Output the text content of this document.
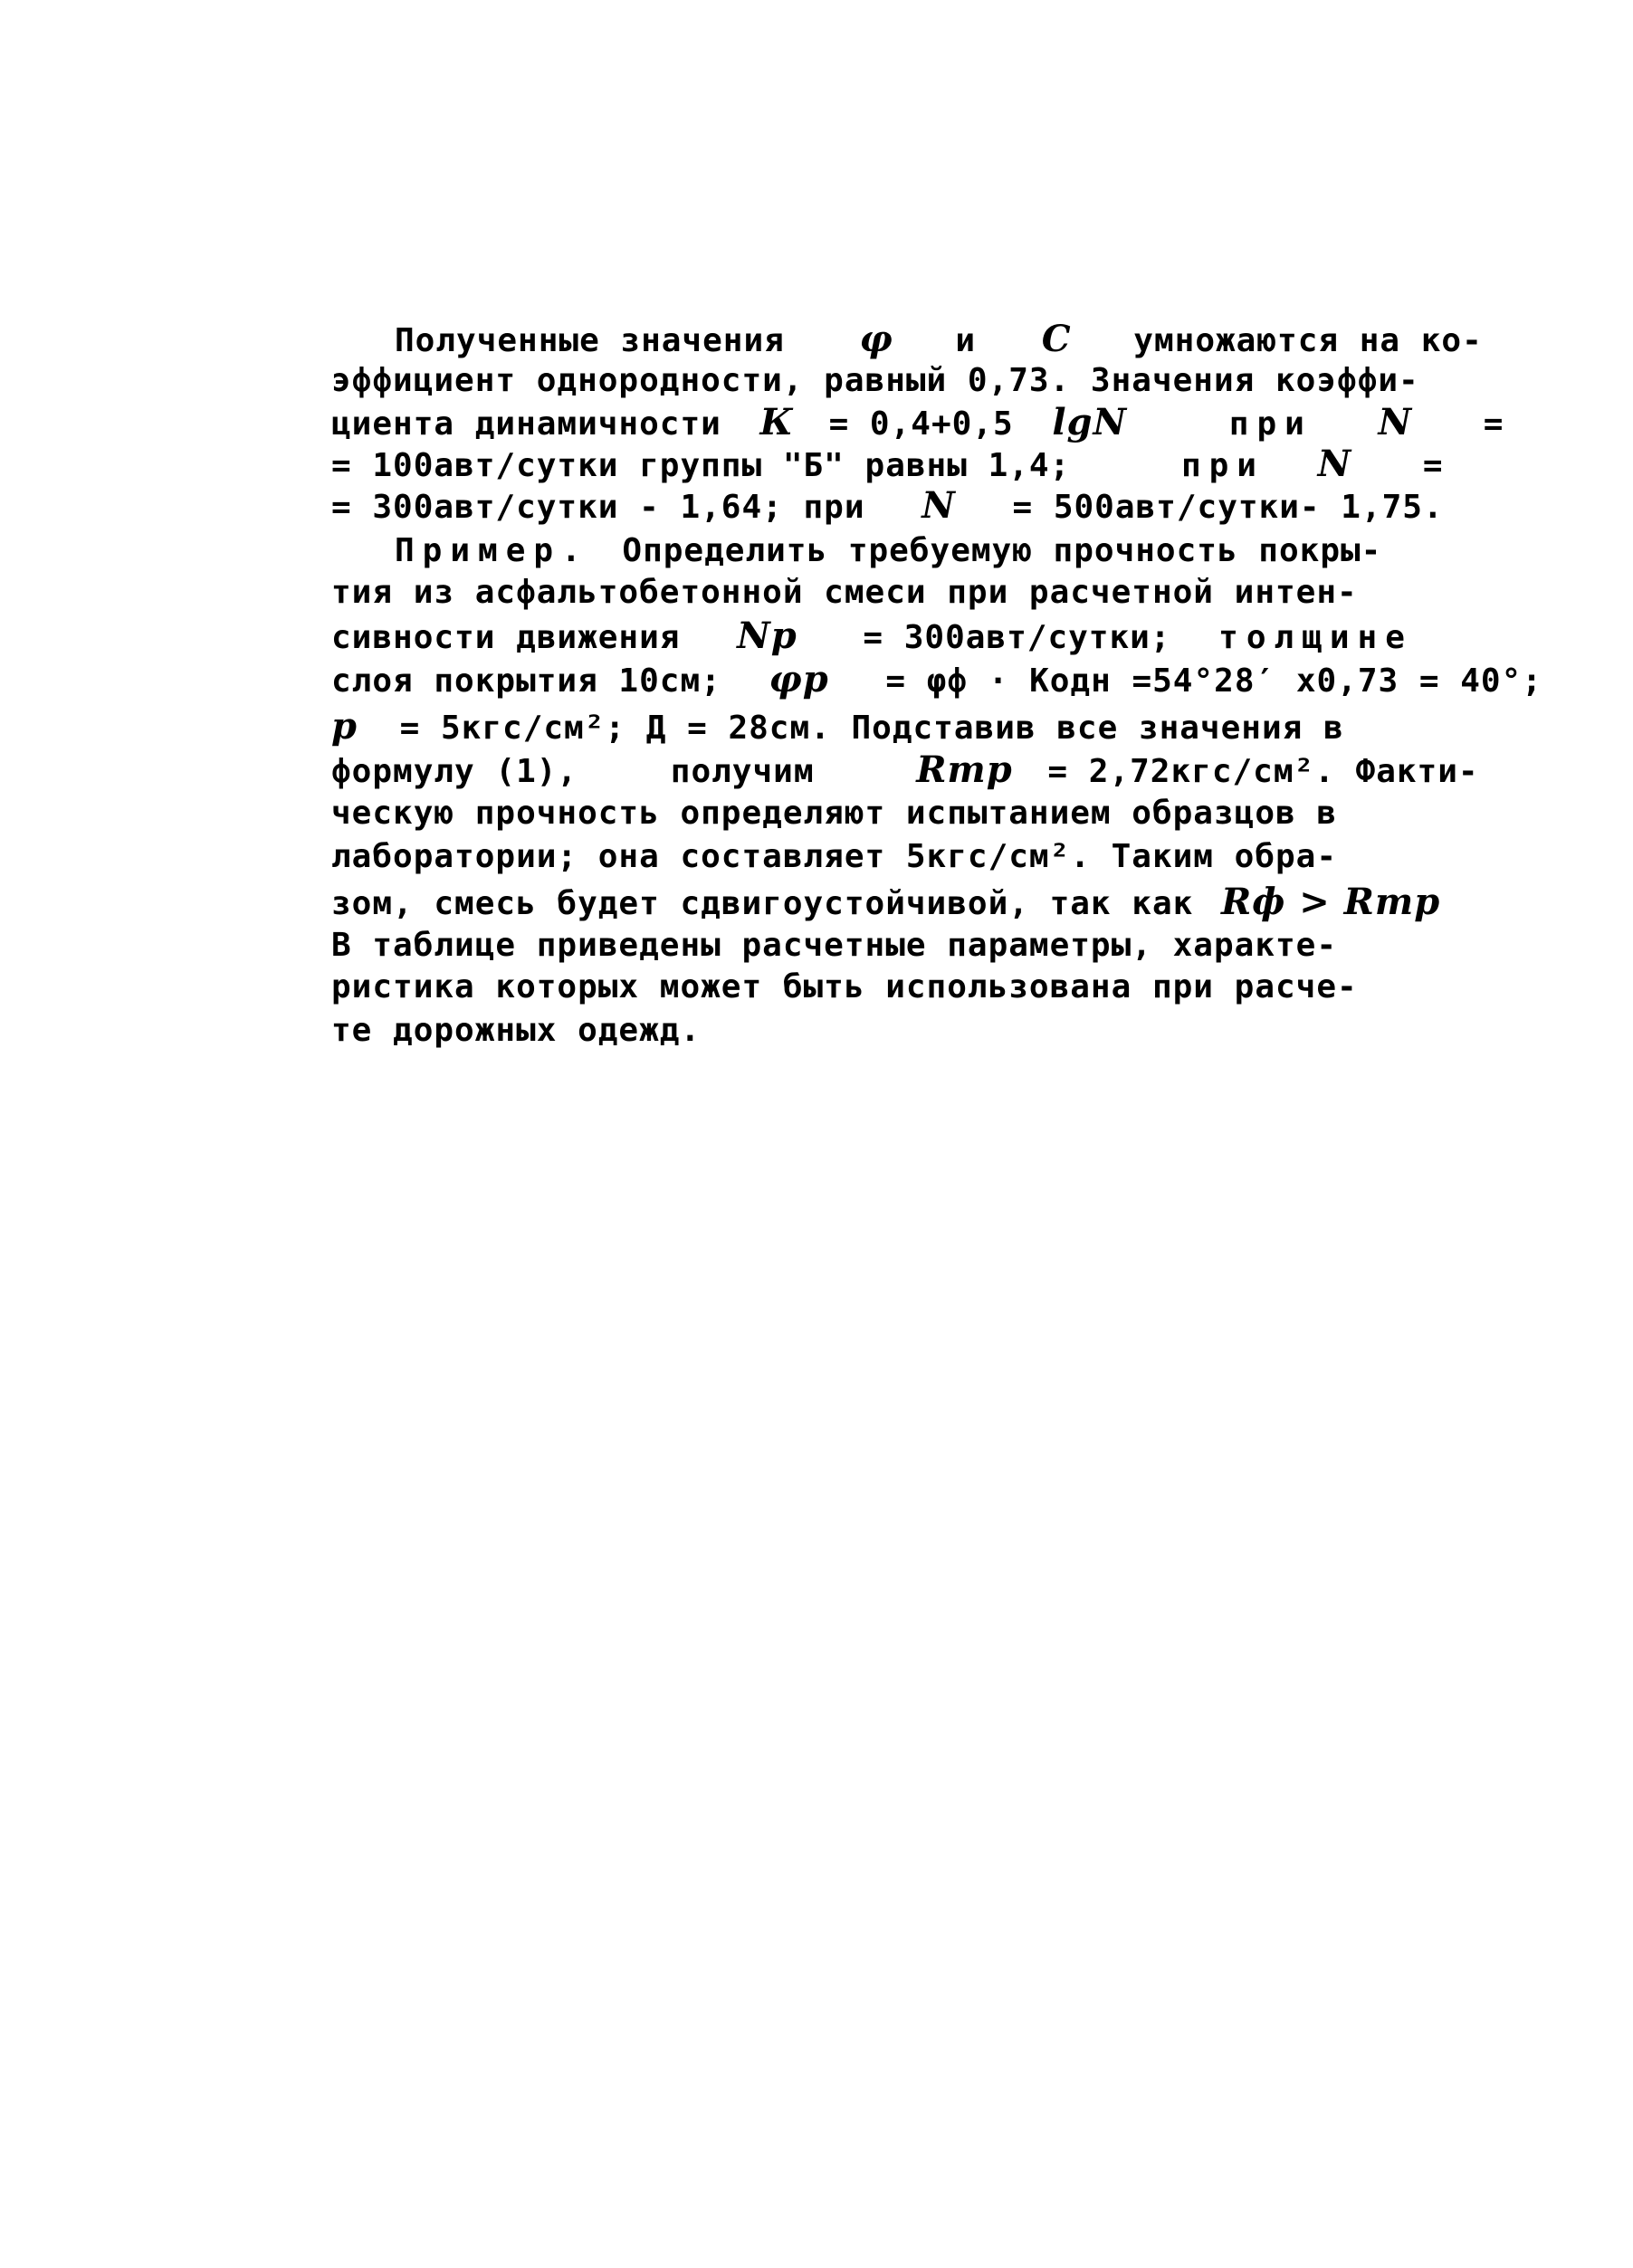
Полученные значения φ и С умножаются на ко-
эффициент однородности, равный 0,73. Значения коэффи-
циента динамичности К = 0,4+0,5 lgN	при N =
= 100авт/сутки группы "Б" равны 1,4;	при N =
= 300авт/сутки - 1,64; при N = 500авт/сутки- 1,75.
Пример. Определить требуемую прочность покры-
тия из асфальтобетонной смеси при расчетной интен-
сивности движения Np = 300авт/сутки; толщине
слоя покрытия 10см; φp = φф · Kодн =54°28′ х0,73 = 40°;
p = 5кгс/см²; Д = 28см. Подставив все значения в
формулу (1),	получим	Rтр = 2,72кгс/см². Факти-
ческую прочность определяют испытанием образцов в
лаборатории; она составляет 5кгс/см². Таким обра-
зом, смесь будет сдвигоустойчивой, так как Rф > Rтр
В таблице приведены расчетные параметры, характе-
ристика которых может быть использована при расче-
те дорожных одежд.
